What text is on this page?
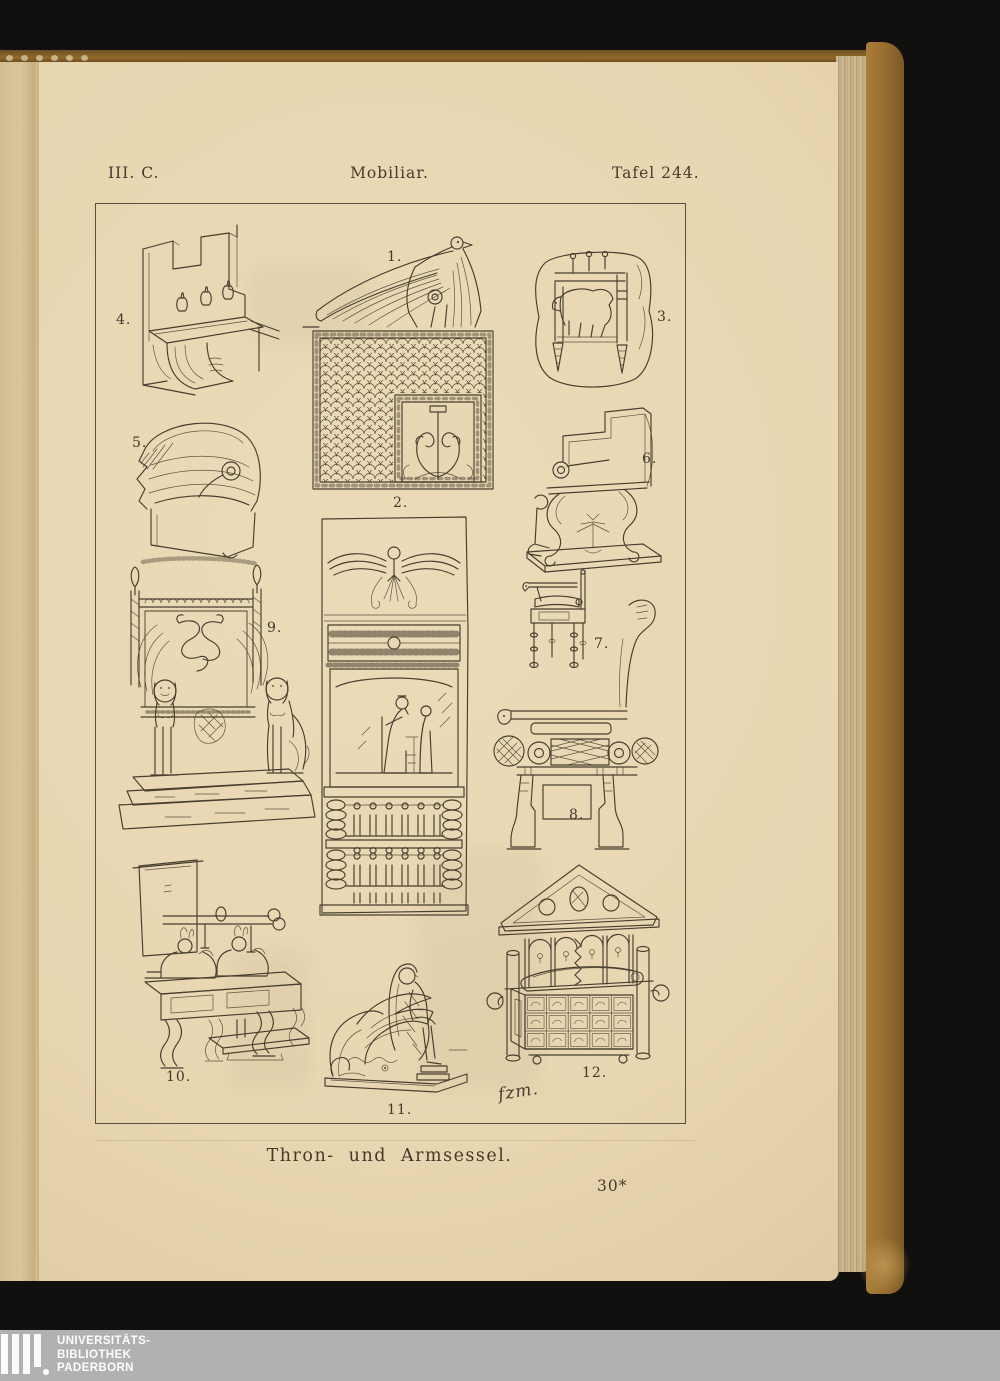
III. C.	Mobiliar.	Tafel 244.
1.
2.
3.
4.
5.
6.
7.
8.
9.
10.
11.
12.
fzm.
Thron- und Armsessel.
30*
UNIVERSITÄTS-
BIBLIOTHEK
PADERBORN
